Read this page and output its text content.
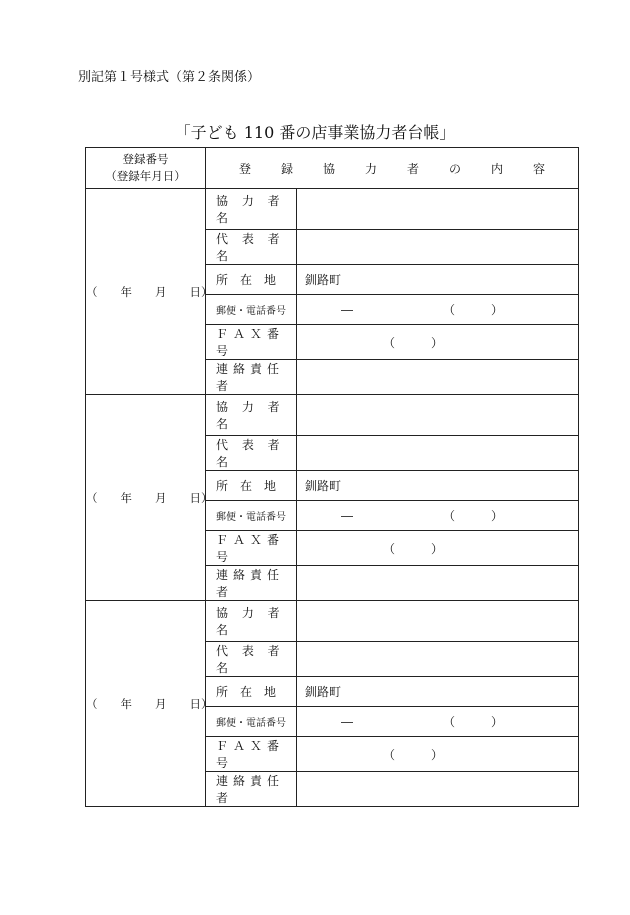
別記第１号様式（第２条関係）
「子ども 110 番の店事業協力者台帳」
登録番号
（登録年月日）	登録協力者の内容	
（　　年　　月　　日）	協 力 者 名	
	代 表 者 名	
	所　在　地	釧路町
	郵便・電話番号	　　　―　　　　　　　　（　　　）
	ＦＡＸ番号	　　　　　　　（　　　）
	連絡責任者	
（　　年　　月　　日）	協 力 者 名	
	代 表 者 名	
	所　在　地	釧路町
	郵便・電話番号	　　　―　　　　　　　　（　　　）
	ＦＡＸ番号	　　　　　　　（　　　）
	連絡責任者	
（　　年　　月　　日）	協 力 者 名	
	代 表 者 名	
	所　在　地	釧路町
	郵便・電話番号	　　　―　　　　　　　　（　　　）
	ＦＡＸ番号	　　　　　　　（　　　）
	連絡責任者	
